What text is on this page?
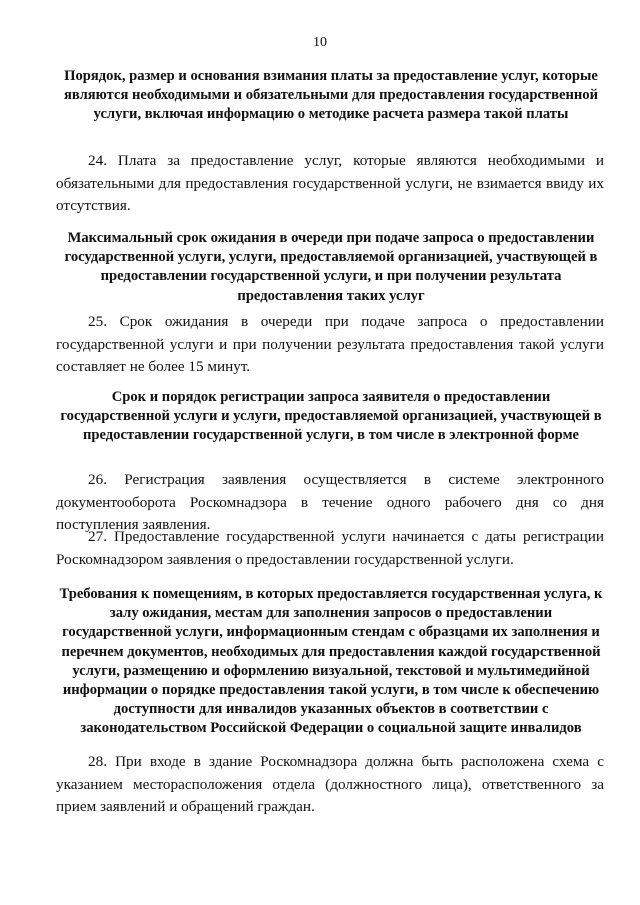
10
Порядок, размер и основания взимания платы за предоставление услуг, которые являются необходимыми и обязательными для предоставления государственной услуги, включая информацию о методике расчета размера такой платы
24. Плата за предоставление услуг, которые являются необходимыми и обязательными для предоставления государственной услуги, не взимается ввиду их отсутствия.
Максимальный срок ожидания в очереди при подаче запроса о предоставлении государственной услуги, услуги, предоставляемой организацией, участвующей в предоставлении государственной услуги, и при получении результата предоставления таких услуг
25. Срок ожидания в очереди при подаче запроса о предоставлении государственной услуги и при получении результата предоставления такой услуги составляет не более 15 минут.
Срок и порядок регистрации запроса заявителя о предоставлении государственной услуги и услуги, предоставляемой организацией, участвующей в предоставлении государственной услуги, в том числе в электронной форме
26. Регистрация заявления осуществляется в системе электронного документооборота Роскомнадзора в течение одного рабочего дня со дня поступления заявления.
27. Предоставление государственной услуги начинается с даты регистрации Роскомнадзором заявления о предоставлении государственной услуги.
Требования к помещениям, в которых предоставляется государственная услуга, к залу ожидания, местам для заполнения запросов о предоставлении государственной услуги, информационным стендам с образцами их заполнения и перечнем документов, необходимых для предоставления каждой государственной услуги, размещению и оформлению визуальной, текстовой и мультимедийной информации о порядке предоставления такой услуги, в том числе к обеспечению доступности для инвалидов указанных объектов в соответствии с законодательством Российской Федерации о социальной защите инвалидов
28. При входе в здание Роскомнадзора должна быть расположена схема с указанием месторасположения отдела (должностного лица), ответственного за прием заявлений и обращений граждан.
